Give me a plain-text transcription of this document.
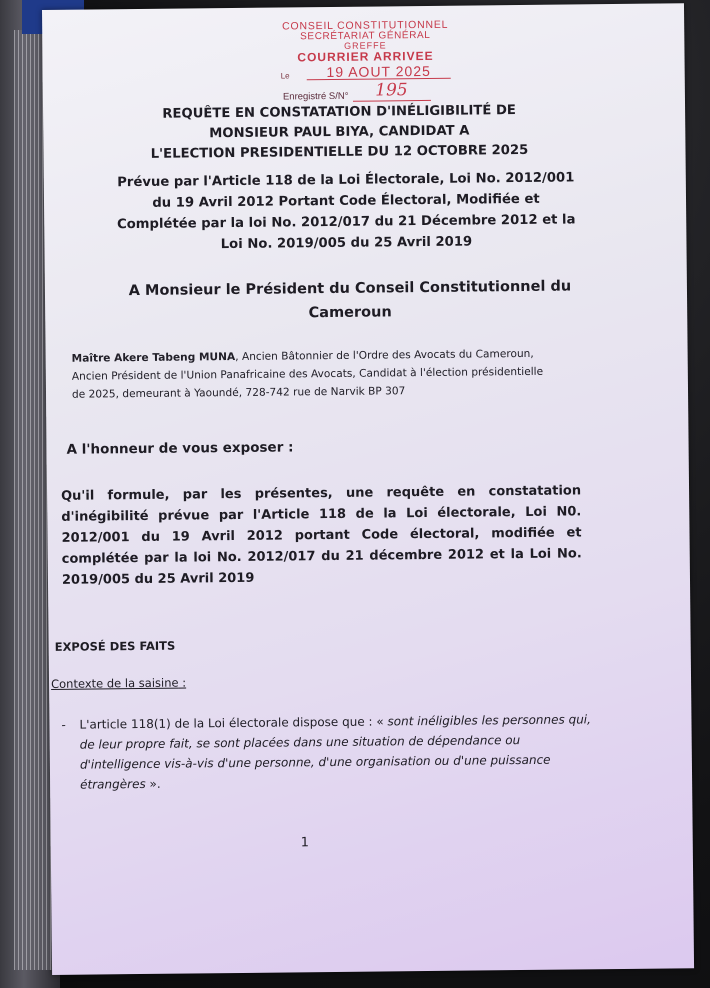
CONSEIL CONSTITUTIONNEL
SECRÉTARIAT GÉNÉRAL
GREFFE
COURRIER ARRIVEE
Le	19 AOUT 2025
Enregistré S/N°	195
REQUÊTE EN CONSTATATION D'INÉLIGIBILITÉ DE
MONSIEUR PAUL BIYA, CANDIDAT A
L'ELECTION PRESIDENTIELLE DU 12 OCTOBRE 2025
Prévue par l'Article 118 de la Loi Électorale, Loi No. 2012/001
du 19 Avril 2012 Portant Code Électoral, Modifiée et
Complétée par la loi No. 2012/017 du 21 Décembre 2012 et la
Loi No. 2019/005 du 25 Avril 2019
A Monsieur le Président du Conseil Constitutionnel du
Cameroun
Maître Akere Tabeng MUNA, Ancien Bâtonnier de l'Ordre des Avocats du Cameroun,
Ancien Président de l'Union Panafricaine des Avocats, Candidat à l'élection présidentielle
de 2025, demeurant à Yaoundé, 728-742 rue de Narvik BP 307
A l'honneur de vous exposer :
Qu'il formule, par les présentes, une requête en constatation d'inégibilité prévue par l'Article 118 de la Loi électorale, Loi N0. 2012/001 du 19 Avril 2012 portant Code électoral, modifiée et complétée par la loi No. 2012/017 du 21 décembre 2012 et la Loi No. 2019/005 du 25 Avril 2019
EXPOSÉ DES FAITS
Contexte de la saisine :
-	L'article 118(1) de la Loi électorale dispose que : « sont inéligibles les personnes qui, de leur propre fait, se sont placées dans une situation de dépendance ou d'intelligence vis-à-vis d'une personne, d'une organisation ou d'une puissance étrangères ».
1
